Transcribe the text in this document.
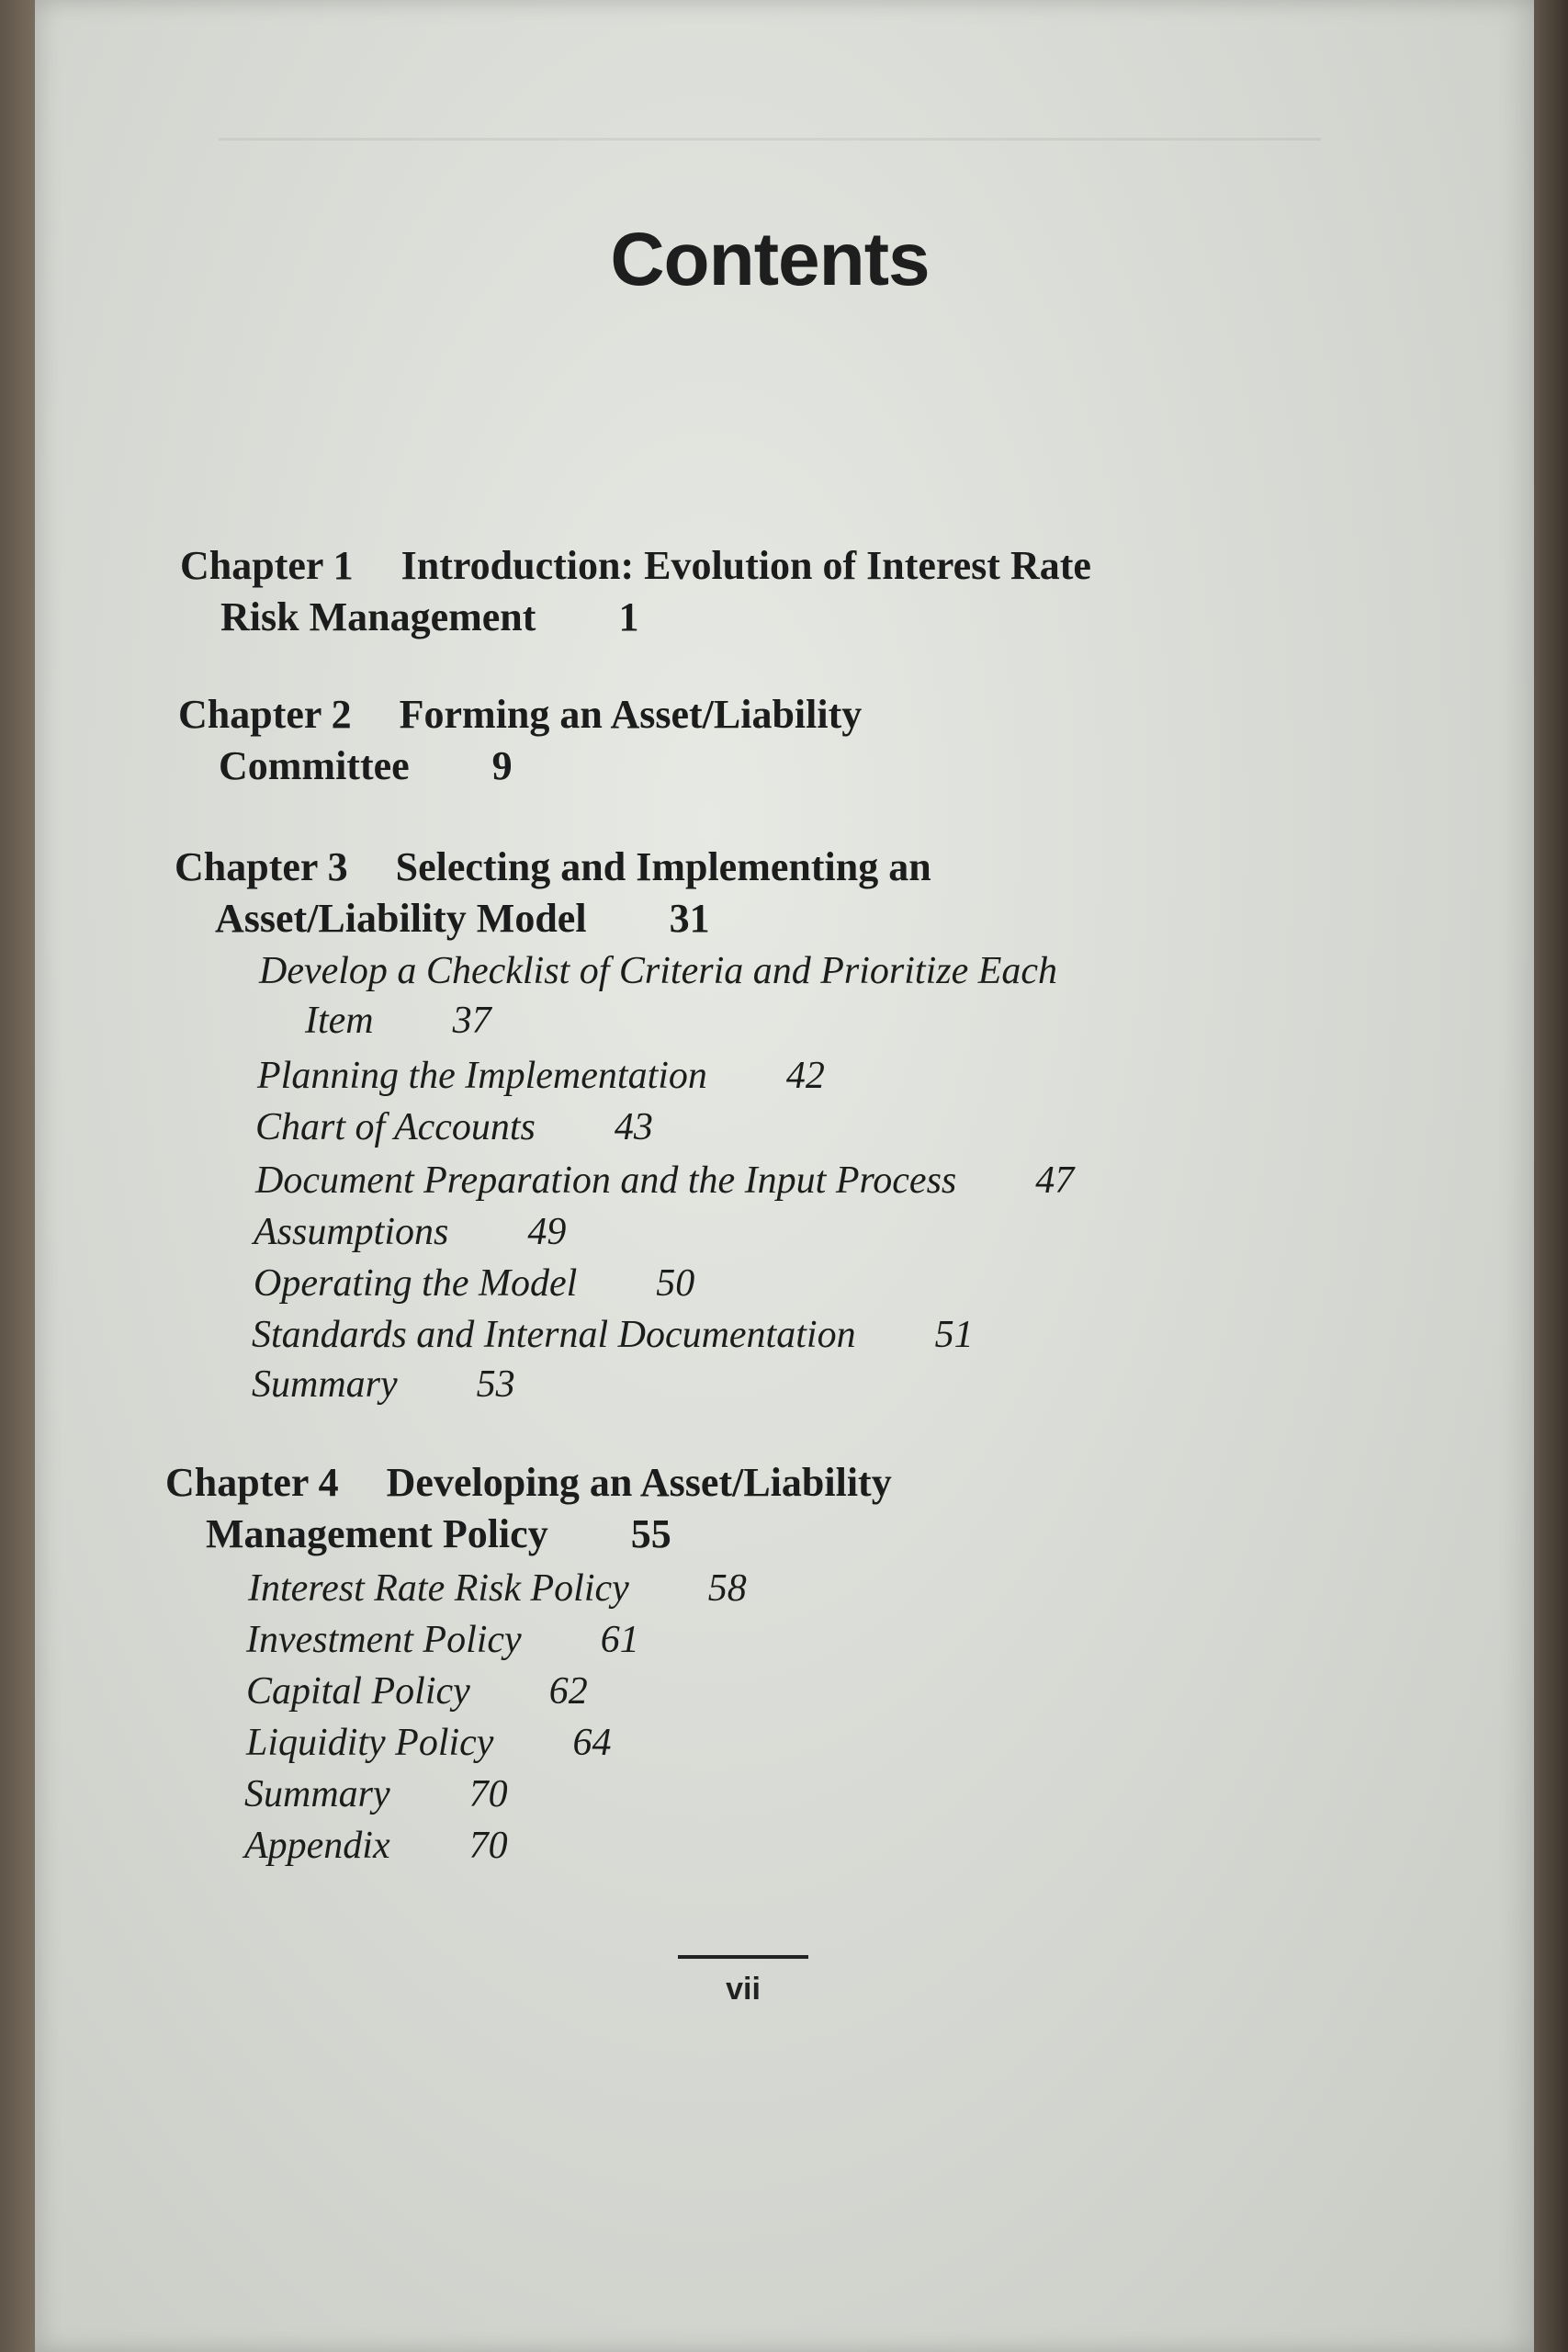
Contents

Chapter 1 Introduction: Evolution of Interest Rate
Risk Management 1

Chapter 2 Forming an Asset/Liability
Committee 9

Chapter 3 Selecting and Implementing an
Asset/Liability Model 31

Develop a Checklist of Criteria and Prioritize Each
Item 37

Planning the Implementation 42

Chart of Accounts 43

Document Preparation and the Input Process 47

Assumptions 49

Operating the Model 50

Standards and Internal Documentation 51

Summary 53

Chapter 4 Developing an Asset/Liability
Management Policy 55

Interest Rate Risk Policy 58

Investment Policy 61

Capital Policy 62

Liquidity Policy 64

Summary 70

Appendix 70

vii
